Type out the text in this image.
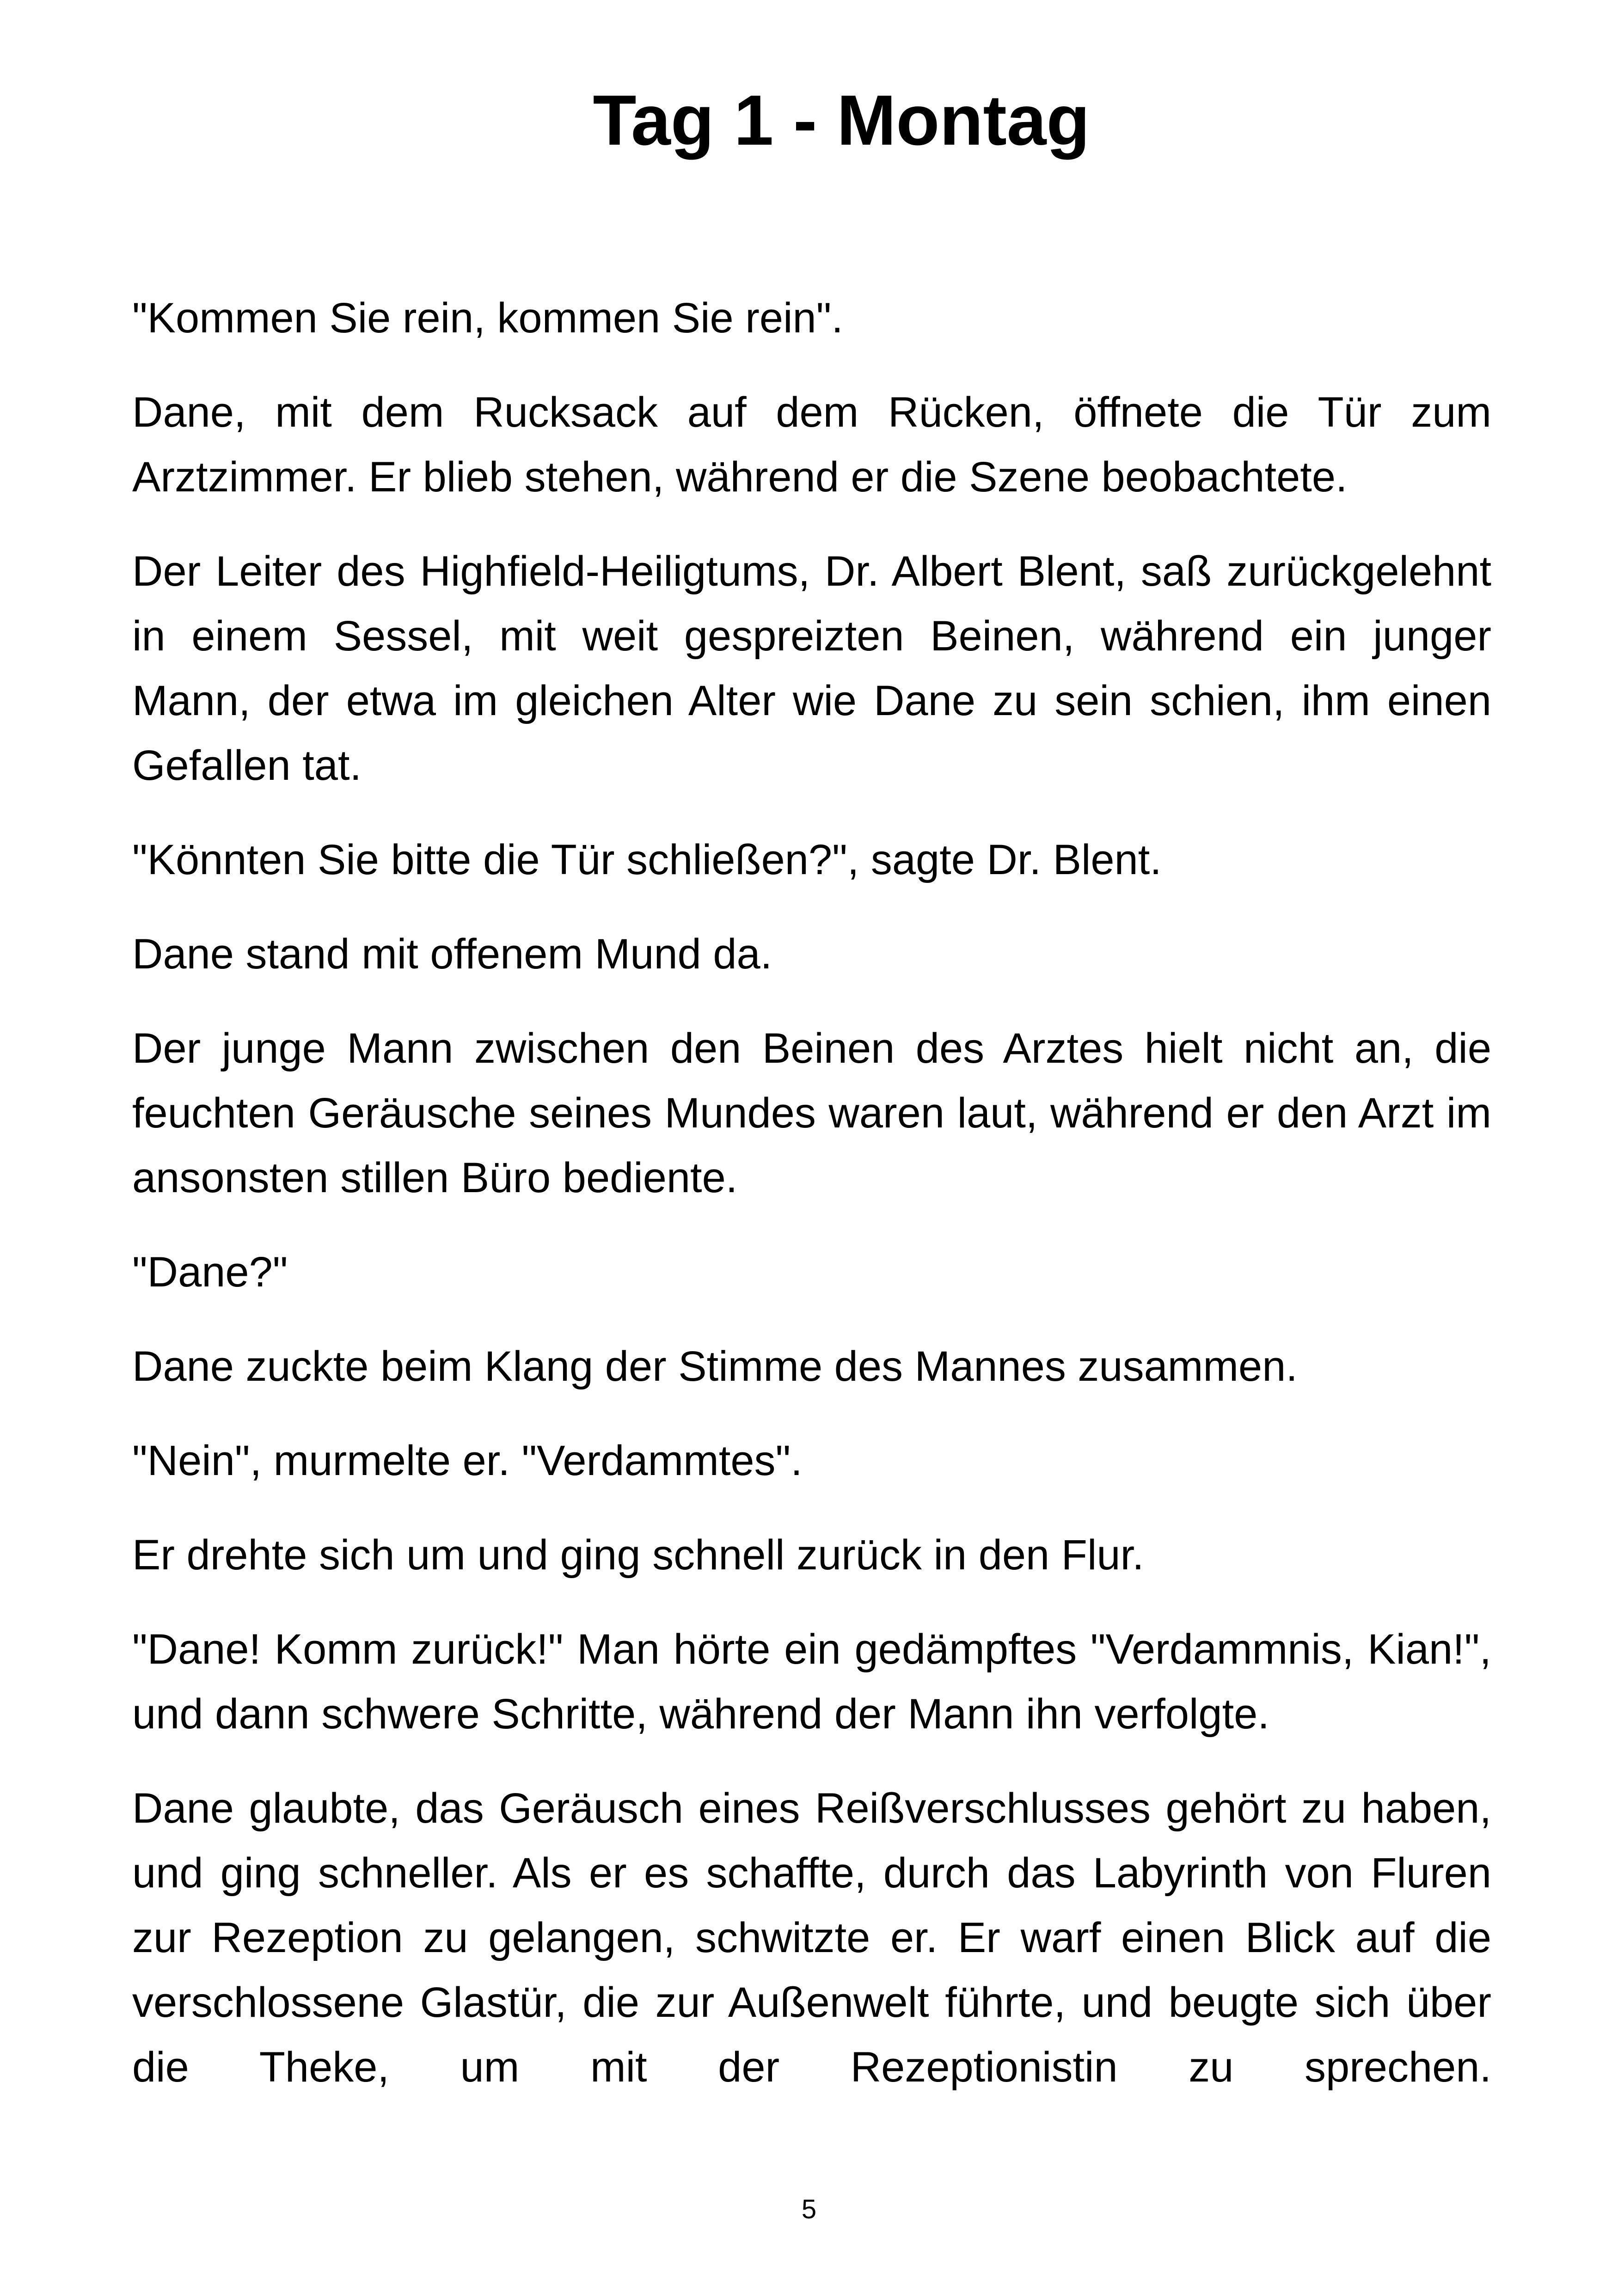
Tag 1 - Montag

"Kommen Sie rein, kommen Sie rein".

Dane, mit dem Rucksack auf dem Rücken, öffnete die Tür zum Arztzimmer. Er blieb stehen, während er die Szene beobachtete.

Der Leiter des Highfield-Heiligtums, Dr. Albert Blent, saß zurückgelehnt in einem Sessel, mit weit gespreizten Beinen, während ein junger Mann, der etwa im gleichen Alter wie Dane zu sein schien, ihm einen Gefallen tat.

"Könnten Sie bitte die Tür schließen?", sagte Dr. Blent.

Dane stand mit offenem Mund da.

Der junge Mann zwischen den Beinen des Arztes hielt nicht an, die feuchten Geräusche seines Mundes waren laut, während er den Arzt im ansonsten stillen Büro bediente.

"Dane?"

Dane zuckte beim Klang der Stimme des Mannes zusammen.

"Nein", murmelte er. "Verdammtes".

Er drehte sich um und ging schnell zurück in den Flur.

"Dane! Komm zurück!" Man hörte ein gedämpftes "Verdammnis, Kian!", und dann schwere Schritte, während der Mann ihn verfolgte.

Dane glaubte, das Geräusch eines Reißverschlusses gehört zu haben, und ging schneller. Als er es schaffte, durch das Labyrinth von Fluren zur Rezeption zu gelangen, schwitzte er. Er warf einen Blick auf die verschlossene Glastür, die zur Außenwelt führte, und beugte sich über die Theke, um mit der Rezeptionistin zu sprechen.

5
